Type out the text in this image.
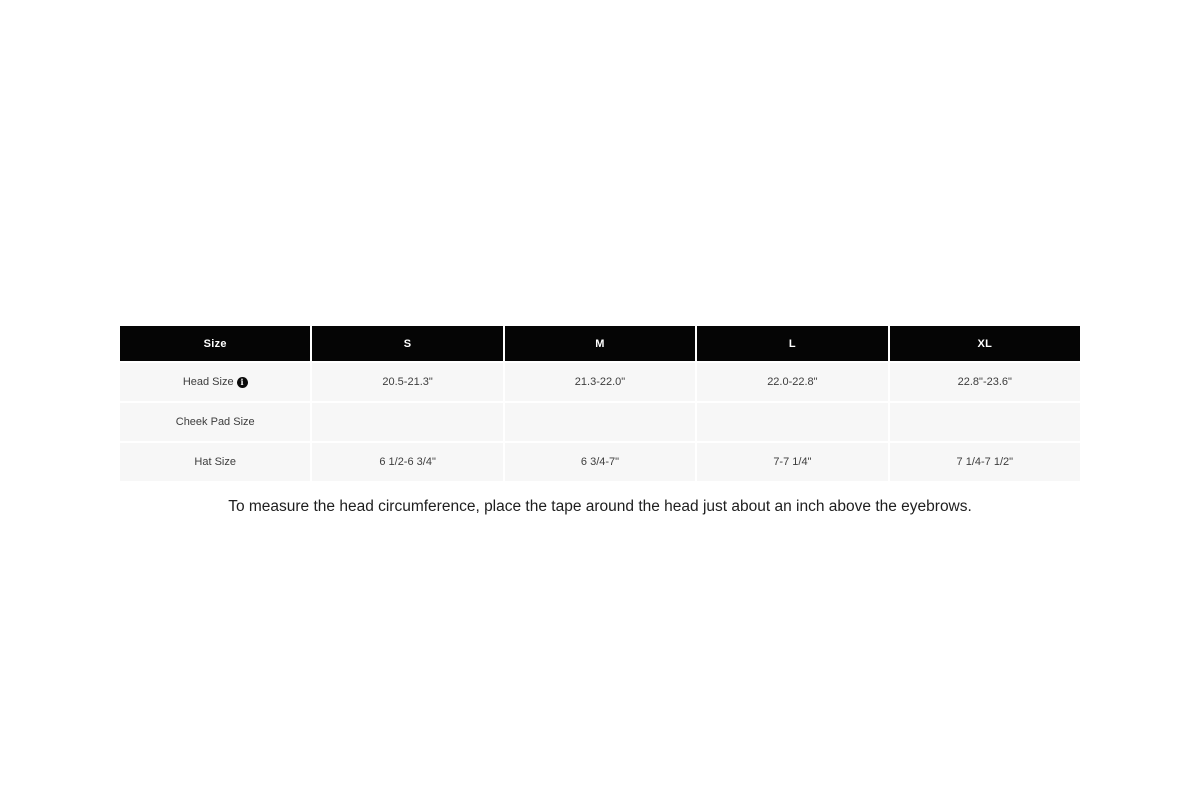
Size	S	M	L	XL
Head Size i	20.5-21.3"	21.3-22.0"	22.0-22.8"	22.8"-23.6"
Cheek Pad Size
Hat Size	6 1/2-6 3/4"	6 3/4-7"	7-7 1/4"	7 1/4-7 1/2"

To measure the head circumference, place the tape around the head just about an inch above the eyebrows.
